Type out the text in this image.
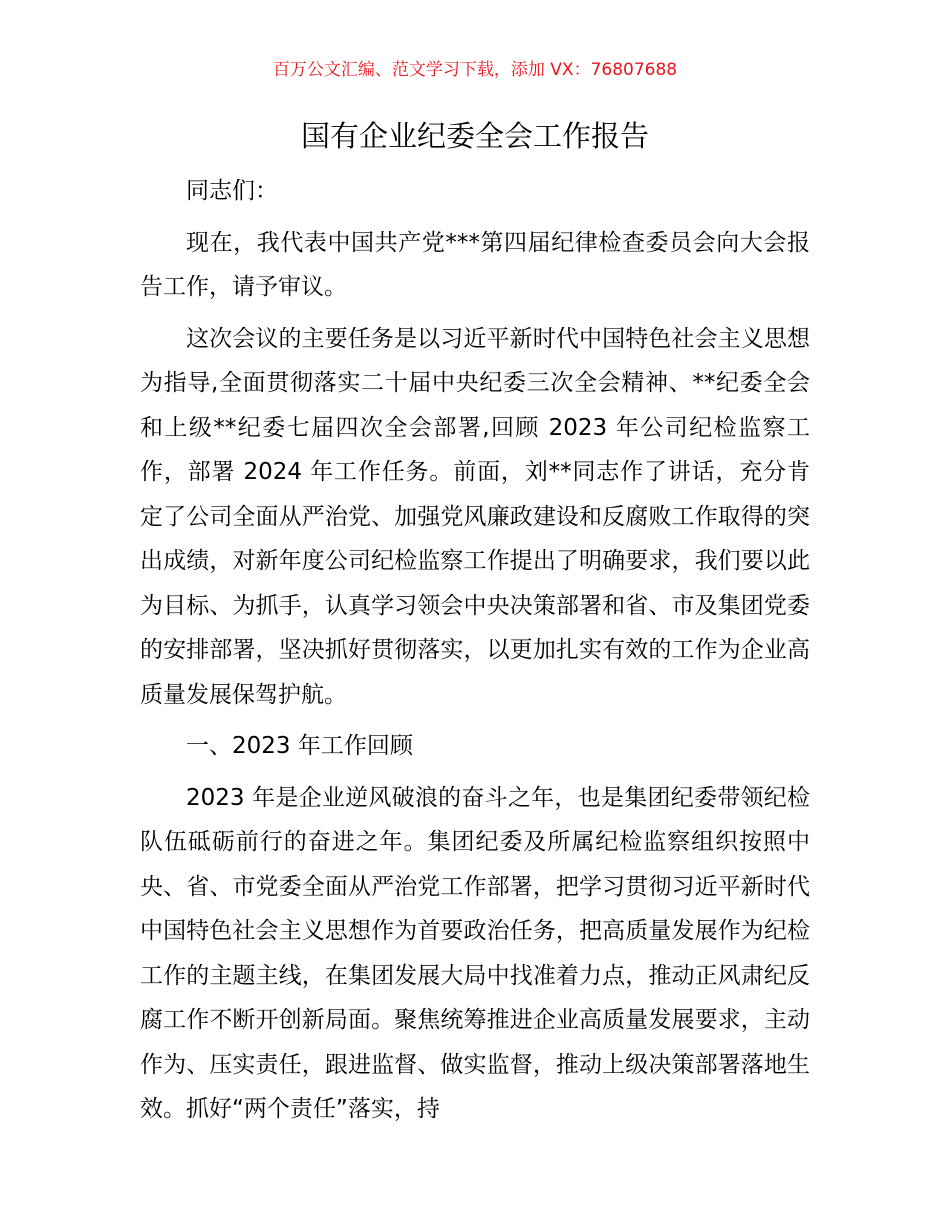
百万公文汇编、范文学习下载，添加 VX：76807688
国有企业纪委全会工作报告

同志们：

现在，我代表中国共产党***第四届纪律检查委员会向大会报告工作，请予审议。

这次会议的主要任务是以习近平新时代中国特色社会主义思想为指导,全面贯彻落实二十届中央纪委三次全会精神、**纪委全会和上级**纪委七届四次全会部署,回顾 2023 年公司纪检监察工作，部署 2024 年工作任务。前面，刘**同志作了讲话，充分肯定了公司全面从严治党、加强党风廉政建设和反腐败工作取得的突出成绩，对新年度公司纪检监察工作提出了明确要求，我们要以此为目标、为抓手，认真学习领会中央决策部署和省、市及集团党委的安排部署，坚决抓好贯彻落实，以更加扎实有效的工作为企业高质量发展保驾护航。

一、2023 年工作回顾

2023 年是企业逆风破浪的奋斗之年，也是集团纪委带领纪检队伍砥砺前行的奋进之年。集团纪委及所属纪检监察组织按照中央、省、市党委全面从严治党工作部署，把学习贯彻习近平新时代中国特色社会主义思想作为首要政治任务，把高质量发展作为纪检工作的主题主线，在集团发展大局中找准着力点，推动正风肃纪反腐工作不断开创新局面。聚焦统筹推进企业高质量发展要求，主动作为、压实责任，跟进监督、做实监督，推动上级决策部署落地生效。抓好“两个责任”落实，持
